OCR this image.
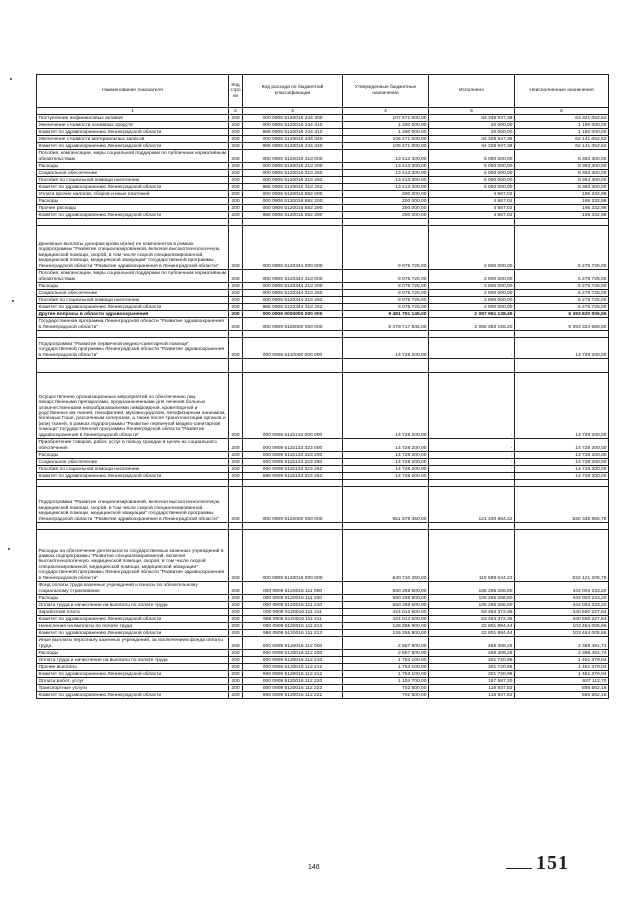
Наименование показателя	Код стро ки	Код расхода по бюджетной классификации	Утвержденные бюджетные назначения	Исполнено	Неисполненные назначения
1	2	3	4	5	6
Поступление нефинансовых активов	200	000 0906 5120016 244 300	107 671 000,00	44 349 947,38	63 321 052,62
Увеличение стоимости основных средств	200	000 0906 5120016 244 310	1 200 000,00	20 000,00	1 180 000,00
Комитет по здравоохранению Ленинградской области	200	986 0906 5120016 244 310	1 200 000,00	20 000,00	1 180 000,00
Увеличение стоимости материальных запасов	200	000 0906 5120016 244 340	106 471 000,00	44 329 947,38	62 141 052,62
Комитет по здравоохранению Ленинградской области	200	986 0906 5120016 244 340	106 471 000,00	44 329 947,38	62 141 052,62
Пособия, компенсации, меры социальной поддержки по публичным нормативным обязательствам	200	000 0906 5120016 313 000	13 413 300,00	5 050 000,00	8 363 300,00
Расходы	200	000 0906 5120016 313 200	13 413 300,00	5 050 000,00	8 363 300,00
Социальное обеспечение	200	000 0906 5120016 313 260	13 413 300,00	5 050 000,00	8 363 300,00
Пособия по социальной помощи населению	200	000 0906 5120016 313 262	13 413 300,00	5 050 000,00	8 363 300,00
Комитет по здравоохранению Ленинградской области	200	986 0906 5120016 313 262	13 413 300,00	5 050 000,00	8 363 300,00
Уплата прочих налогов, сборов и иных платежей	200	000 0906 5120016 852 000	200 000,00	4 667,02	195 332,98
Расходы	200	000 0906 5120016 852 200	200 000,00	4 667,02	195 332,98
Прочие расходы	200	000 0906 5120016 852 290	200 000,00	4 667,02	195 332,98
Комитет по здравоохранению Ленинградской области	200	986 0906 5120016 852 290	200 000,00	4 667,02	195 332,98

Денежные выплаты донорам крови и(или) ее компонентов в рамках подпрограммы "Развитие специализированной, включая высокотехнологичную, медицинской помощи, скорой, в том числе скорой специализированной, медицинской помощи, медицинской эвакуации" государственной программы Ленинградской области "Развитие здравоохранения в Ленинградской области"	200	000 0906 5120344 000 000	9 075 725,00	2 800 000,00	6 275 725,00
Пособия, компенсации, меры социальной поддержки по публичным нормативным обязательствам	200	000 0906 5120344 313 000	9 075 725,00	2 800 000,00	6 275 725,00
Расходы	200	000 0906 5120344 313 200	9 075 725,00	2 800 000,00	6 275 725,00
Социальное обеспечение	200	000 0906 5120344 313 260	9 075 725,00	2 800 000,00	6 275 725,00
Пособия по социальной помощи населению	200	000 0906 5120344 313 262	9 075 725,00	2 800 000,00	6 275 725,00
Комитет по здравоохранению Ленинградской области	200	986 0906 5120344 313 262	9 075 725,00	2 800 000,00	6 275 725,00
Другие вопросы в области здравоохранения	200	000 0909 0000000 000 000	9 481 791 145,00	2 087 961 138,45	6 393 830 006,55
Государственная программа Ленинградской области "Развитие здравоохранения в Ленинградской области"	200	000 0909 5100000 000 000	8 479 717 845,00	2 086 393 155,20	6 393 324 689,80

Подпрограмма "Развитие первичной медико-санитарной помощи" государственной программы Ленинградской области "Развитие здравоохранения в Ленинградской области"	200	000 0909 5110000 000 000	14 728 200,00	-	14 728 200,00

Осуществление организационных мероприятий по обеспечению лиц лекарственными препаратами, предназначенными для лечения больных злокачественными новообразованиями лимфоидной, кроветворной и родственных им тканей, гемофилией, муковисцидозом, гипофизарным нанизмом, болезнью Гоше, рассеянным склерозом, а также после трансплантации органов и (или) тканей, в рамках подпрограммы "Развитие первичной медико-санитарной помощи" государственной программы Ленинградской области "Развитие здравоохранения в Ленинградской области"	200	000 0909 5115132 000 000	14 728 200,00	-	14 728 200,00
Приобретение товаров, работ, услуг в пользу граждан в целях их социального обеспечения	200	000 0909 5115133 323 000	14 728 200,00	-	14 728 200,00
Расходы	200	000 0909 5115133 323 200	14 728 200,00	-	14 728 200,00
Социальное обеспечение	200	000 0909 5115133 323 260	14 728 200,00	-	14 728 200,00
Пособия по социальной помощи населению	200	000 0909 5115133 323 262	14 728 200,00	-	14 728 200,00
Комитет по здравоохранению Ленинградской области	200	986 0909 5115133 323 262	14 728 200,00	-	14 728 200,00

Подпрограмма "Развитие специализированной, включая высокотехнологичную, медицинской помощи, скорой, в том числе скорой специализированной, медицинской помощи, медицинской эвакуации" государственной программы Ленинградской области "Развитие здравоохранения в Ленинградской области"	200	000 0909 5120000 000 000	651 678 450,00	121 330 594,22	530 345 855,78

Расходы на обеспечение деятельности государственных казенных учреждений в рамках подпрограммы "Развитие специализированной, включая высокотехнологичную, медицинской помощи, скорой, в том числе скорой специализированной, медицинской помощи, медицинской эвакуации" государственной программы Ленинградской области "Развитие здравоохранения в Ленинградской области"	200	000 0909 5120016 000 000	640 710 250,00	118 589 044,22	522 121 205,78
Фонд оплаты труда казенных учреждений и взносы по обязательному социальному страхованию	200	000 0909 5120016 111 000	550 269 500,00	106 265 266,80	444 004 233,20
Расходы	200	000 0909 5120016 111 200	550 269 500,00	106 265 266,80	444 004 233,20
Оплата труда и начисления на выплаты по оплате труда	200	000 0909 5120016 111 210	550 269 500,00	106 265 266,80	444 004 233,20
Заработная плата	200	000 0909 5120016 111 211	424 013 600,00	83 463 372,36	340 550 227,64
Комитет по здравоохранению Ленинградской области	200	986 0909 5120016 111 211	424 013 600,00	83 463 372,36	340 550 227,64
Начисления на выплаты по оплате труда	200	000 0909 5120016 111 213	126 255 900,00	22 801 894,44	103 454 005,56
Комитет по здравоохранению Ленинградской области	200	986 0909 5120016 111 213	126 255 900,00	22 801 894,44	103 454 005,56
Иные выплаты персоналу казенных учреждений, за исключением фонда оплаты труда	200	000 0909 5120016 112 000	2 857 800,00	469 308,26	2 388 491,74
Расходы	200	000 0909 5120016 112 200	2 857 800,00	469 308,26	2 388 491,74
Оплата труда и начисления на выплаты по оплате труда	200	000 0909 5120016 112 210	1 753 100,00	301 720,96	1 451 379,04
Прочие выплаты	200	000 0909 5120016 112 212	1 753 100,00	301 720,96	1 451 379,04
Комитет по здравоохранению Ленинградской области	200	986 0909 5120016 112 212	1 753 100,00	301 720,96	1 451 379,04
Оплата работ, услуг	200	000 0909 5120016 112 220	1 104 700,00	167 587,30	937 112,70
Транспортные услуги	200	000 0909 5120016 112 222	702 500,00	116 937,82	585 562,18
Комитет по здравоохранению Ленинградской области	200	986 0909 5120016 112 222	702 500,00	116 937,82	585 562,18
146	151
